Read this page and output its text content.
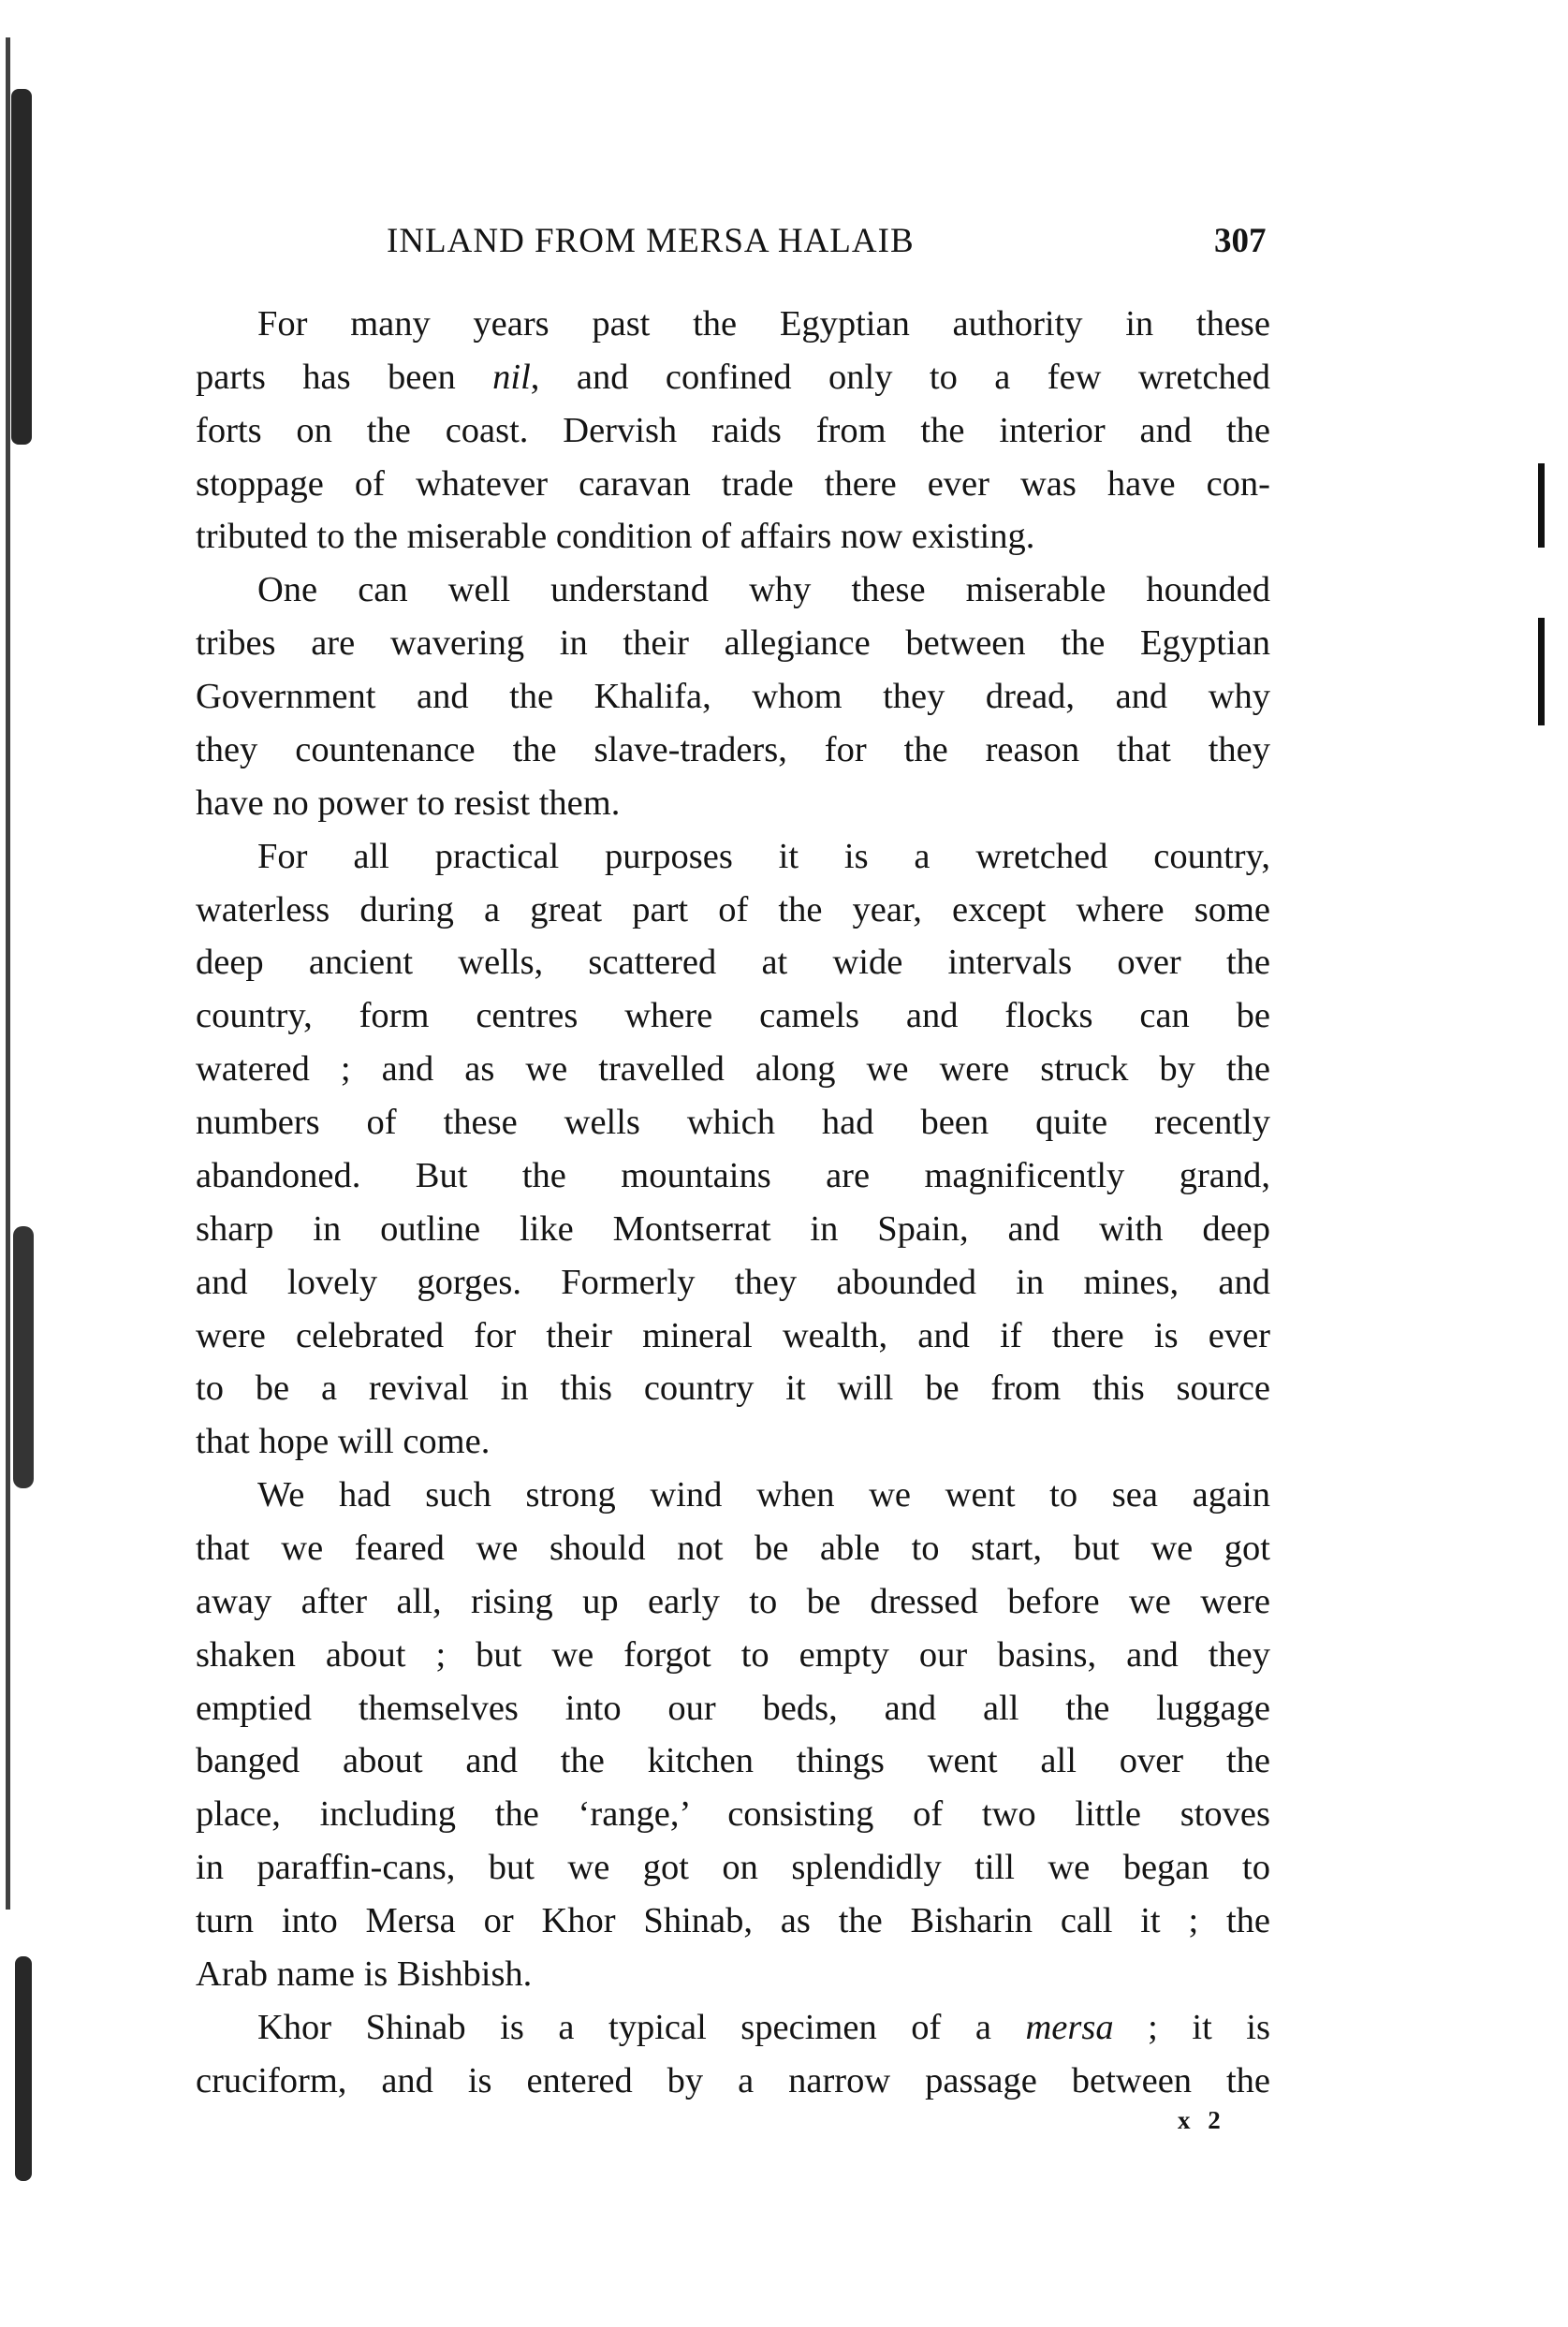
INLAND FROM MERSA HALAIB	307
For many years past the Egyptian authority in these
parts has been nil, and confined only to a few wretched
forts on the coast. Dervish raids from the interior and the
stoppage of whatever caravan trade there ever was have con-
tributed to the miserable condition of affairs now existing.
One can well understand why these miserable hounded
tribes are wavering in their allegiance between the Egyptian
Government and the Khalifa, whom they dread, and why
they countenance the slave-traders, for the reason that they
have no power to resist them.
For all practical purposes it is a wretched country,
waterless during a great part of the year, except where some
deep ancient wells, scattered at wide intervals over the
country, form centres where camels and flocks can be
watered ; and as we travelled along we were struck by the
numbers of these wells which had been quite recently
abandoned. But the mountains are magnificently grand,
sharp in outline like Montserrat in Spain, and with deep
and lovely gorges. Formerly they abounded in mines, and
were celebrated for their mineral wealth, and if there is ever
to be a revival in this country it will be from this source
that hope will come.
We had such strong wind when we went to sea again
that we feared we should not be able to start, but we got
away after all, rising up early to be dressed before we were
shaken about ; but we forgot to empty our basins, and they
emptied themselves into our beds, and all the luggage
banged about and the kitchen things went all over the
place, including the ‘range,’ consisting of two little stoves
in paraffin-cans, but we got on splendidly till we began to
turn into Mersa or Khor Shinab, as the Bisharin call it ; the
Arab name is Bishbish.
Khor Shinab is a typical specimen of a mersa ; it is
cruciform, and is entered by a narrow passage between the
x 2
